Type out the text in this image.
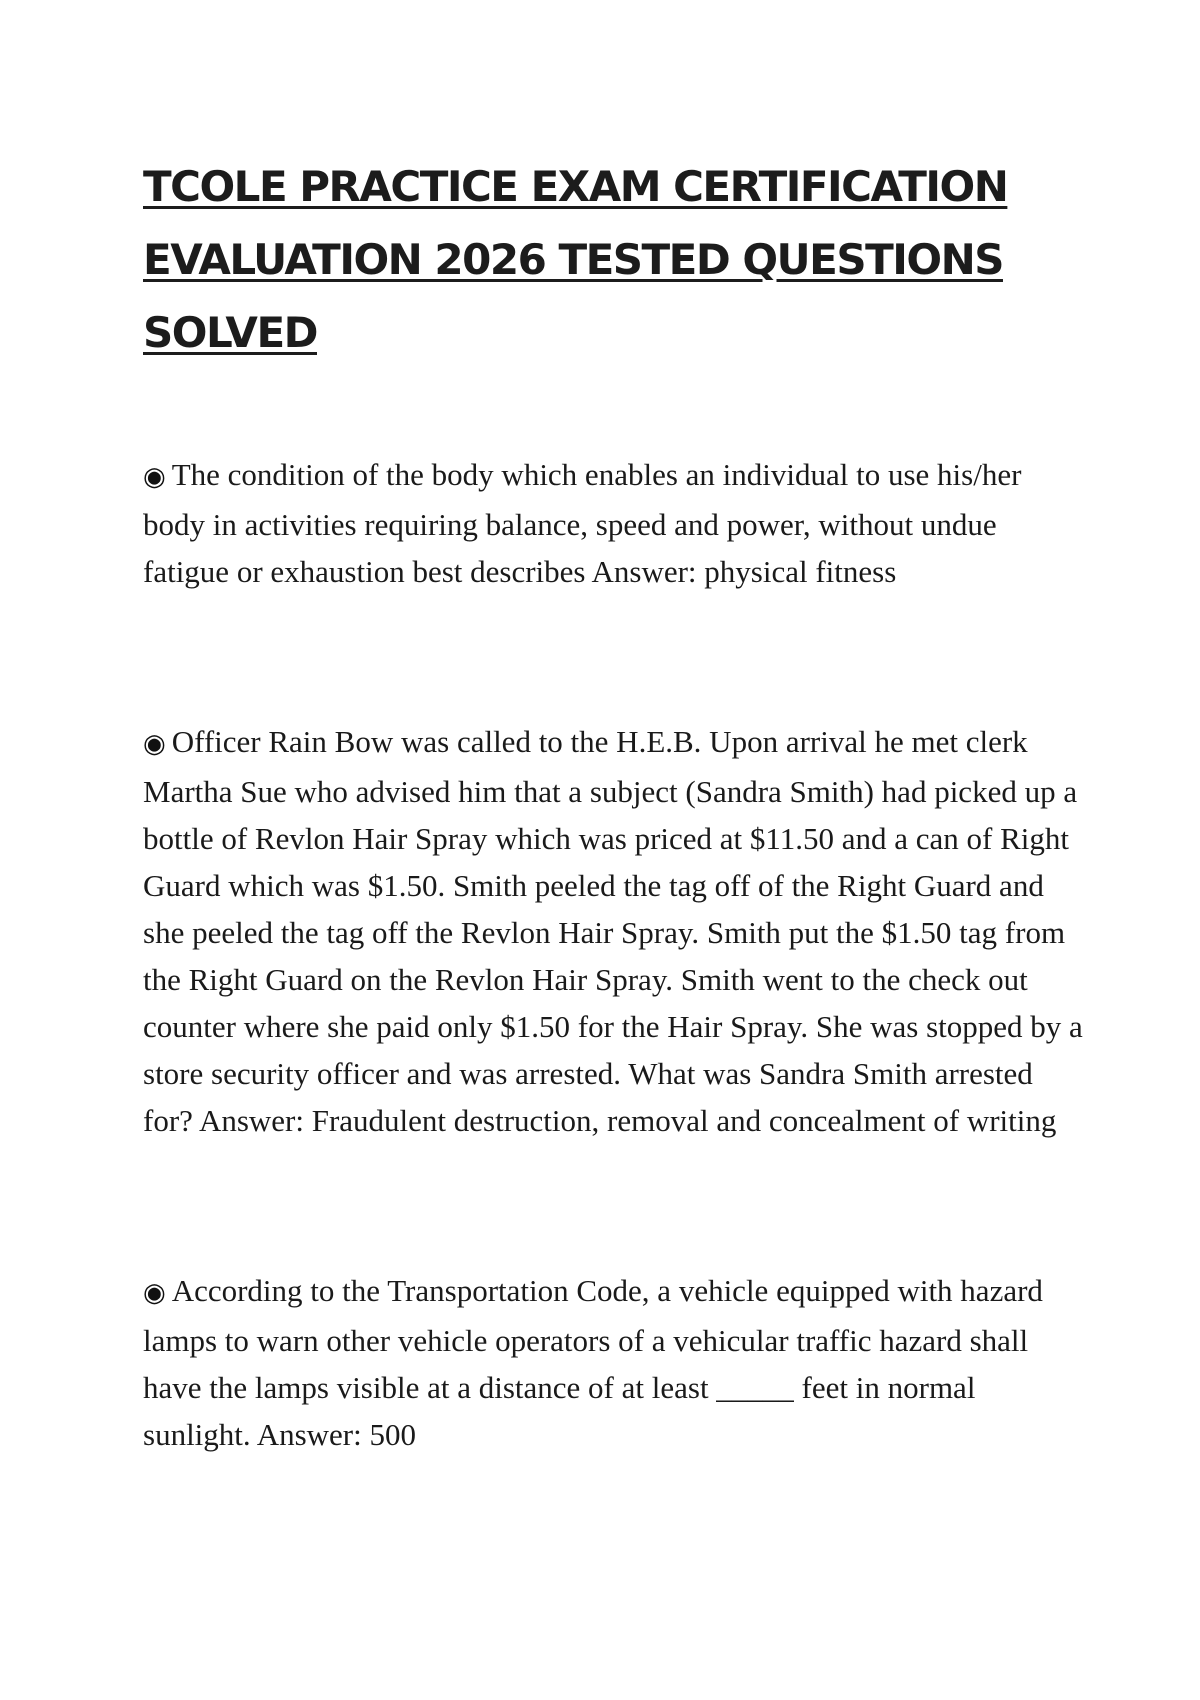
TCOLE PRACTICE EXAM CERTIFICATION EVALUATION 2026 TESTED QUESTIONS SOLVED

◉ The condition of the body which enables an individual to use his/her body in activities requiring balance, speed and power, without undue fatigue or exhaustion best describes Answer: physical fitness

◉ Officer Rain Bow was called to the H.E.B. Upon arrival he met clerk Martha Sue who advised him that a subject (Sandra Smith) had picked up a bottle of Revlon Hair Spray which was priced at $11.50 and a can of Right Guard which was $1.50. Smith peeled the tag off of the Right Guard and she peeled the tag off the Revlon Hair Spray. Smith put the $1.50 tag from the Right Guard on the Revlon Hair Spray. Smith went to the check out counter where she paid only $1.50 for the Hair Spray. She was stopped by a store security officer and was arrested. What was Sandra Smith arrested for? Answer: Fraudulent destruction, removal and concealment of writing

◉ According to the Transportation Code, a vehicle equipped with hazard lamps to warn other vehicle operators of a vehicular traffic hazard shall have the lamps visible at a distance of at least _____ feet in normal sunlight. Answer: 500
